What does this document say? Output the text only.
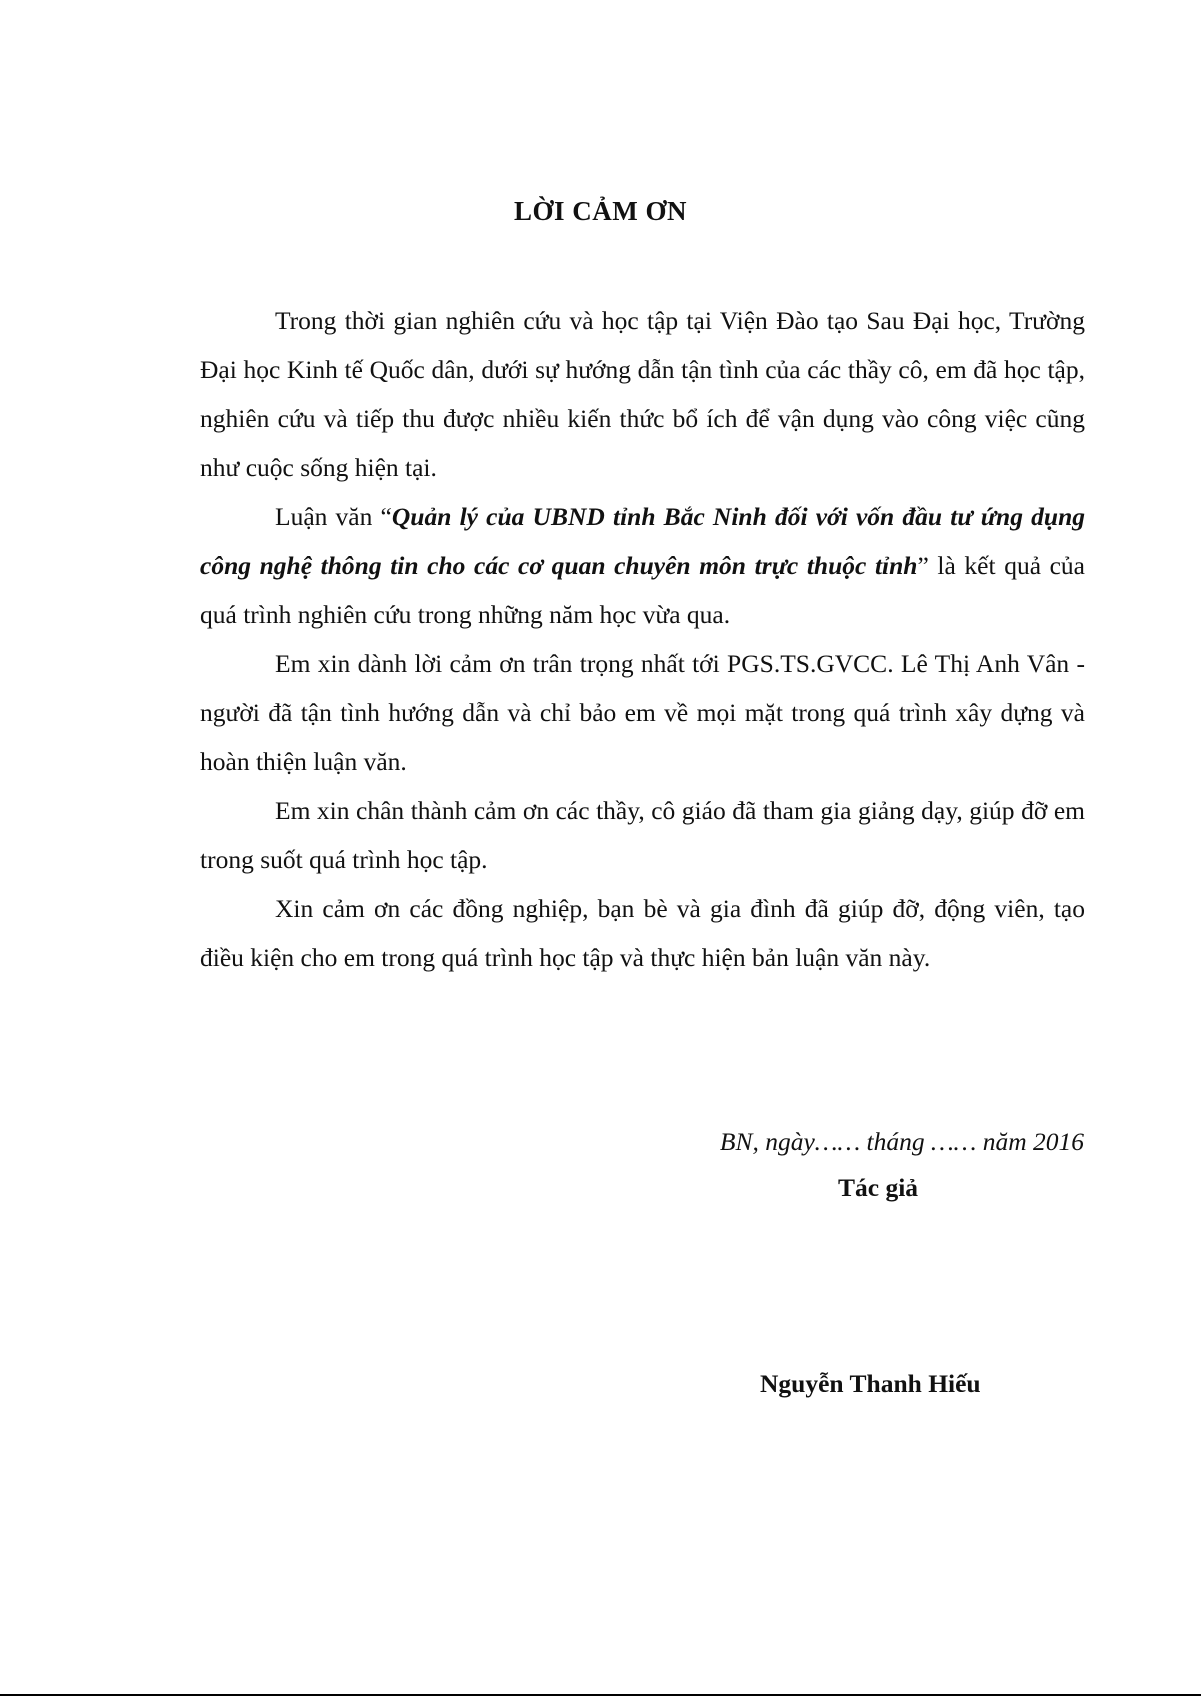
LỜI CẢM ƠN

Trong thời gian nghiên cứu và học tập tại Viện Đào tạo Sau Đại học, Trường Đại học Kinh tế Quốc dân, dưới sự hướng dẫn tận tình của các thầy cô, em đã học tập, nghiên cứu và tiếp thu được nhiều kiến thức bổ ích để vận dụng vào công việc cũng như cuộc sống hiện tại.

Luận văn “Quản lý của UBND tỉnh Bắc Ninh đối với vốn đầu tư ứng dụng công nghệ thông tin cho các cơ quan chuyên môn trực thuộc tỉnh” là kết quả của quá trình nghiên cứu trong những năm học vừa qua.

Em xin dành lời cảm ơn trân trọng nhất tới PGS.TS.GVCC. Lê Thị Anh Vân - người đã tận tình hướng dẫn và chỉ bảo em về mọi mặt trong quá trình xây dựng và hoàn thiện luận văn.

Em xin chân thành cảm ơn các thầy, cô giáo đã tham gia giảng dạy, giúp đỡ em trong suốt quá trình học tập.

Xin cảm ơn các đồng nghiệp, bạn bè và gia đình đã giúp đỡ, động viên, tạo điều kiện cho em trong quá trình học tập và thực hiện bản luận văn này.

BN, ngày…… tháng …… năm 2016
Tác giả
Nguyễn Thanh Hiếu
